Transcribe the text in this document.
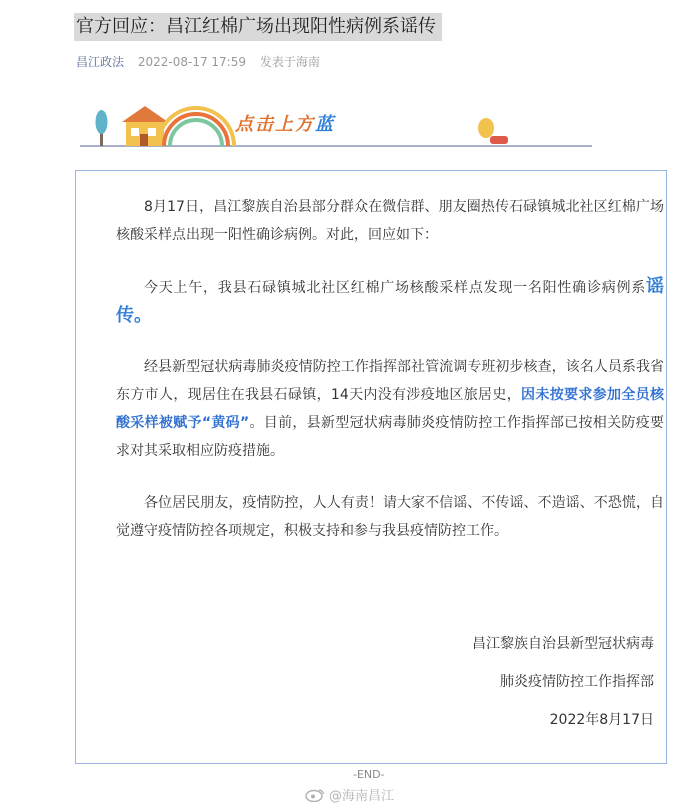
官方回应：昌江红棉广场出现阳性病例系谣传
昌江政法 2022-08-17 17:59 发表于海南
点击上方蓝

8月17日，昌江黎族自治县部分群众在微信群、朋友圈热传石碌镇城北社区红棉广场核酸采样点出现一阳性确诊病例。对此，回应如下：

今天上午，我县石碌镇城北社区红棉广场核酸采样点发现一名阳性确诊病例系谣传。

经县新型冠状病毒肺炎疫情防控工作指挥部社管流调专班初步核查，该名人员系我省东方市人，现居住在我县石碌镇，14天内没有涉疫地区旅居史，因未按要求参加全员核酸采样被赋予“黄码”。目前，县新型冠状病毒肺炎疫情防控工作指挥部已按相关防疫要求对其采取相应防疫措施。

各位居民朋友，疫情防控，人人有责！请大家不信谣、不传谣、不造谣、不恐慌，自觉遵守疫情防控各项规定，积极支持和参与我县疫情防控工作。

昌江黎族自治县新型冠状病毒
肺炎疫情防控工作指挥部
2022年8月17日
-END-
@海南昌江
